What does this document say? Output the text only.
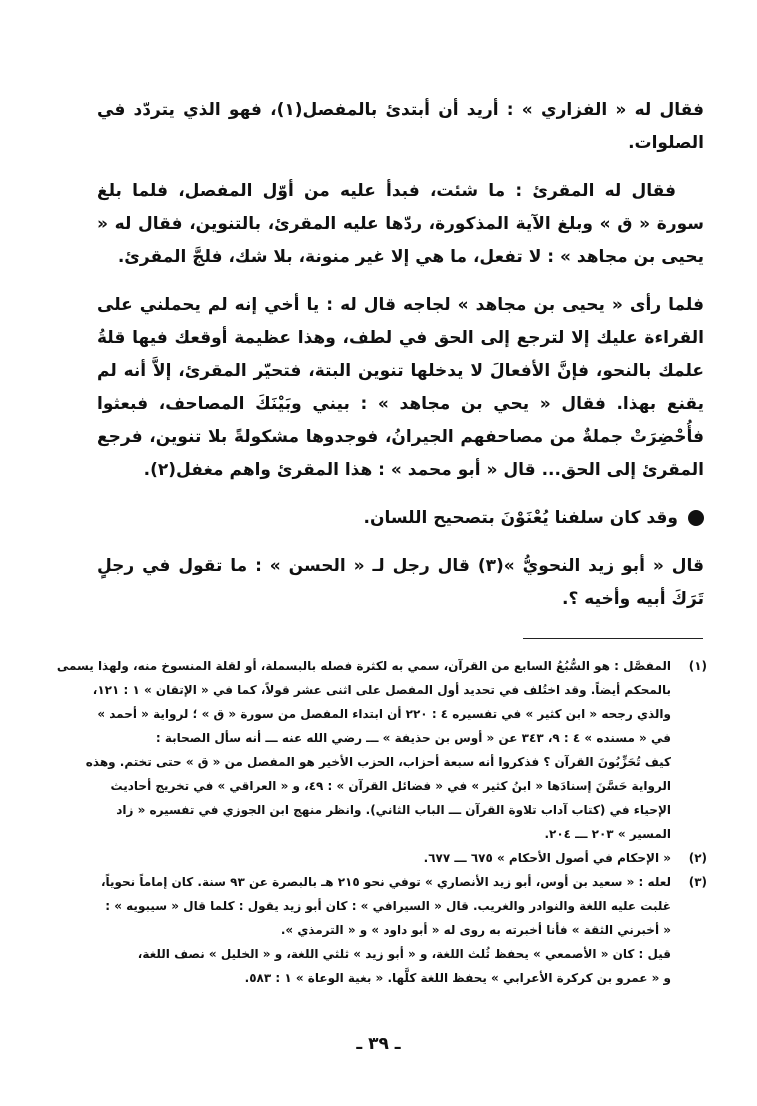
فقال له « الفزاري » : أريد أن أبتدئ بالمفصل(١)، فهو الذي يتردّد في الصلوات.

فقال له المقرئ : ما شئت، فبدأ عليه من أوّل المفصل، فلما بلغ سورة « ق » وبلغ الآية المذكورة، ردّها عليه المقرئ، بالتنوين، فقال له « يحيى بن مجاهد » : لا تفعل، ما هي إلا غير منونة، بلا شك، فلجَّ المقرئ.

فلما رأى « يحيى بن مجاهد » لجاجه قال له : يا أخي إنه لم يحملني على القراءة عليك إلا لترجع إلى الحق في لطف، وهذا عظيمة أوقعك فيها قلةُ علمك بالنحو، فإنَّ الأفعالَ لا يدخلها تنوين البتة، فتحيّر المقرئ، إلاَّ أنه لم يقنع بهذا. فقال « يحي بن مجاهد » : بيني وبَيْنَكَ المصاحف، فبعثوا فأُحْضِرَتْ جملةٌ من مصاحفهم الجيرانُ، فوجدوها مشكولةً بلا تنوين، فرجع المقرئ إلى الحق... قال « أبو محمد » : هذا المقرئ واهم مغفل(٢).

وقد كان سلفنا يُعْنَوْنَ بتصحيح اللسان.

قال « أبو زيد النحويُّ »(٣) قال رجل لـ « الحسن » : ما تقول في رجلٍ تَرَكَ أبيه وأخيه ؟.

(١)
المفصَّل : هو السُّبُعُ السابع من القرآن، سمي به لكثرة فصله بالبسملة، أو لقلة المنسوخ منه، ولهذا يسمى
بالمحكم أيضاً. وقد اختُلف في تحديد أول المفصل على اثنى عشر قولاً، كما في « الإتقان » ١ : ١٢١،
والذي رجحه « ابن كثير » في تفسيره ٤ : ٢٢٠ أن ابتداء المفصل من سورة « ق » ؛ لرواية « أحمد »
في « مسنده » ٤ : ٩، ٣٤٣ عن « أوس بن حذيفة » ـــ رضي الله عنه ـــ أنه سأل الصحابة :
كيف تُحَزِّبُونَ القرآن ؟ فذكروا أنه سبعة أحزاب، الحزب الأخير هو المفصل من « ق » حتى تختم. وهذه
الرواية حَسَّنَ إسنادَها « ابنُ كثير » في « فضائل القرآن » : ٤٩، و « العراقي » في تخريج أحاديث
الإحياء في (كتاب آداب تلاوة القرآن ـــ الباب الثاني). وانظر منهج ابن الجوزي في تفسيره « زاد
المسير » ٢٠٣ ـــ ٢٠٤.
(٢)
« الإحكام في أصول الأحكام » ٦٧٥ ـــ ٦٧٧.
(٣)
لعله : « سعيد بن أوس، أبو زيد الأنصاري » توفي نحو ٢١٥ هـ بالبصرة عن ٩٣ سنة. كان إماماً نحوياً،
غلبت عليه اللغة والنوادر والغريب. قال « السيرافي » : كان أبو زيد يقول : كلما قال « سيبويه » :
« أخبرني الثقة » فأنا أخبرته به روى له « أبو داود » و « الترمذي ».
قيل : كان « الأصمعي » يحفظ ثُلث اللغة، و « أبو زيد » ثلثي اللغة، و « الخليل » نصف اللغة،
و « عمرو بن كركرة الأعرابي » يحفظ اللغة كلَّها. « بغية الوعاة » ١ : ٥٨٣.
ـ ٣٩ ـ
